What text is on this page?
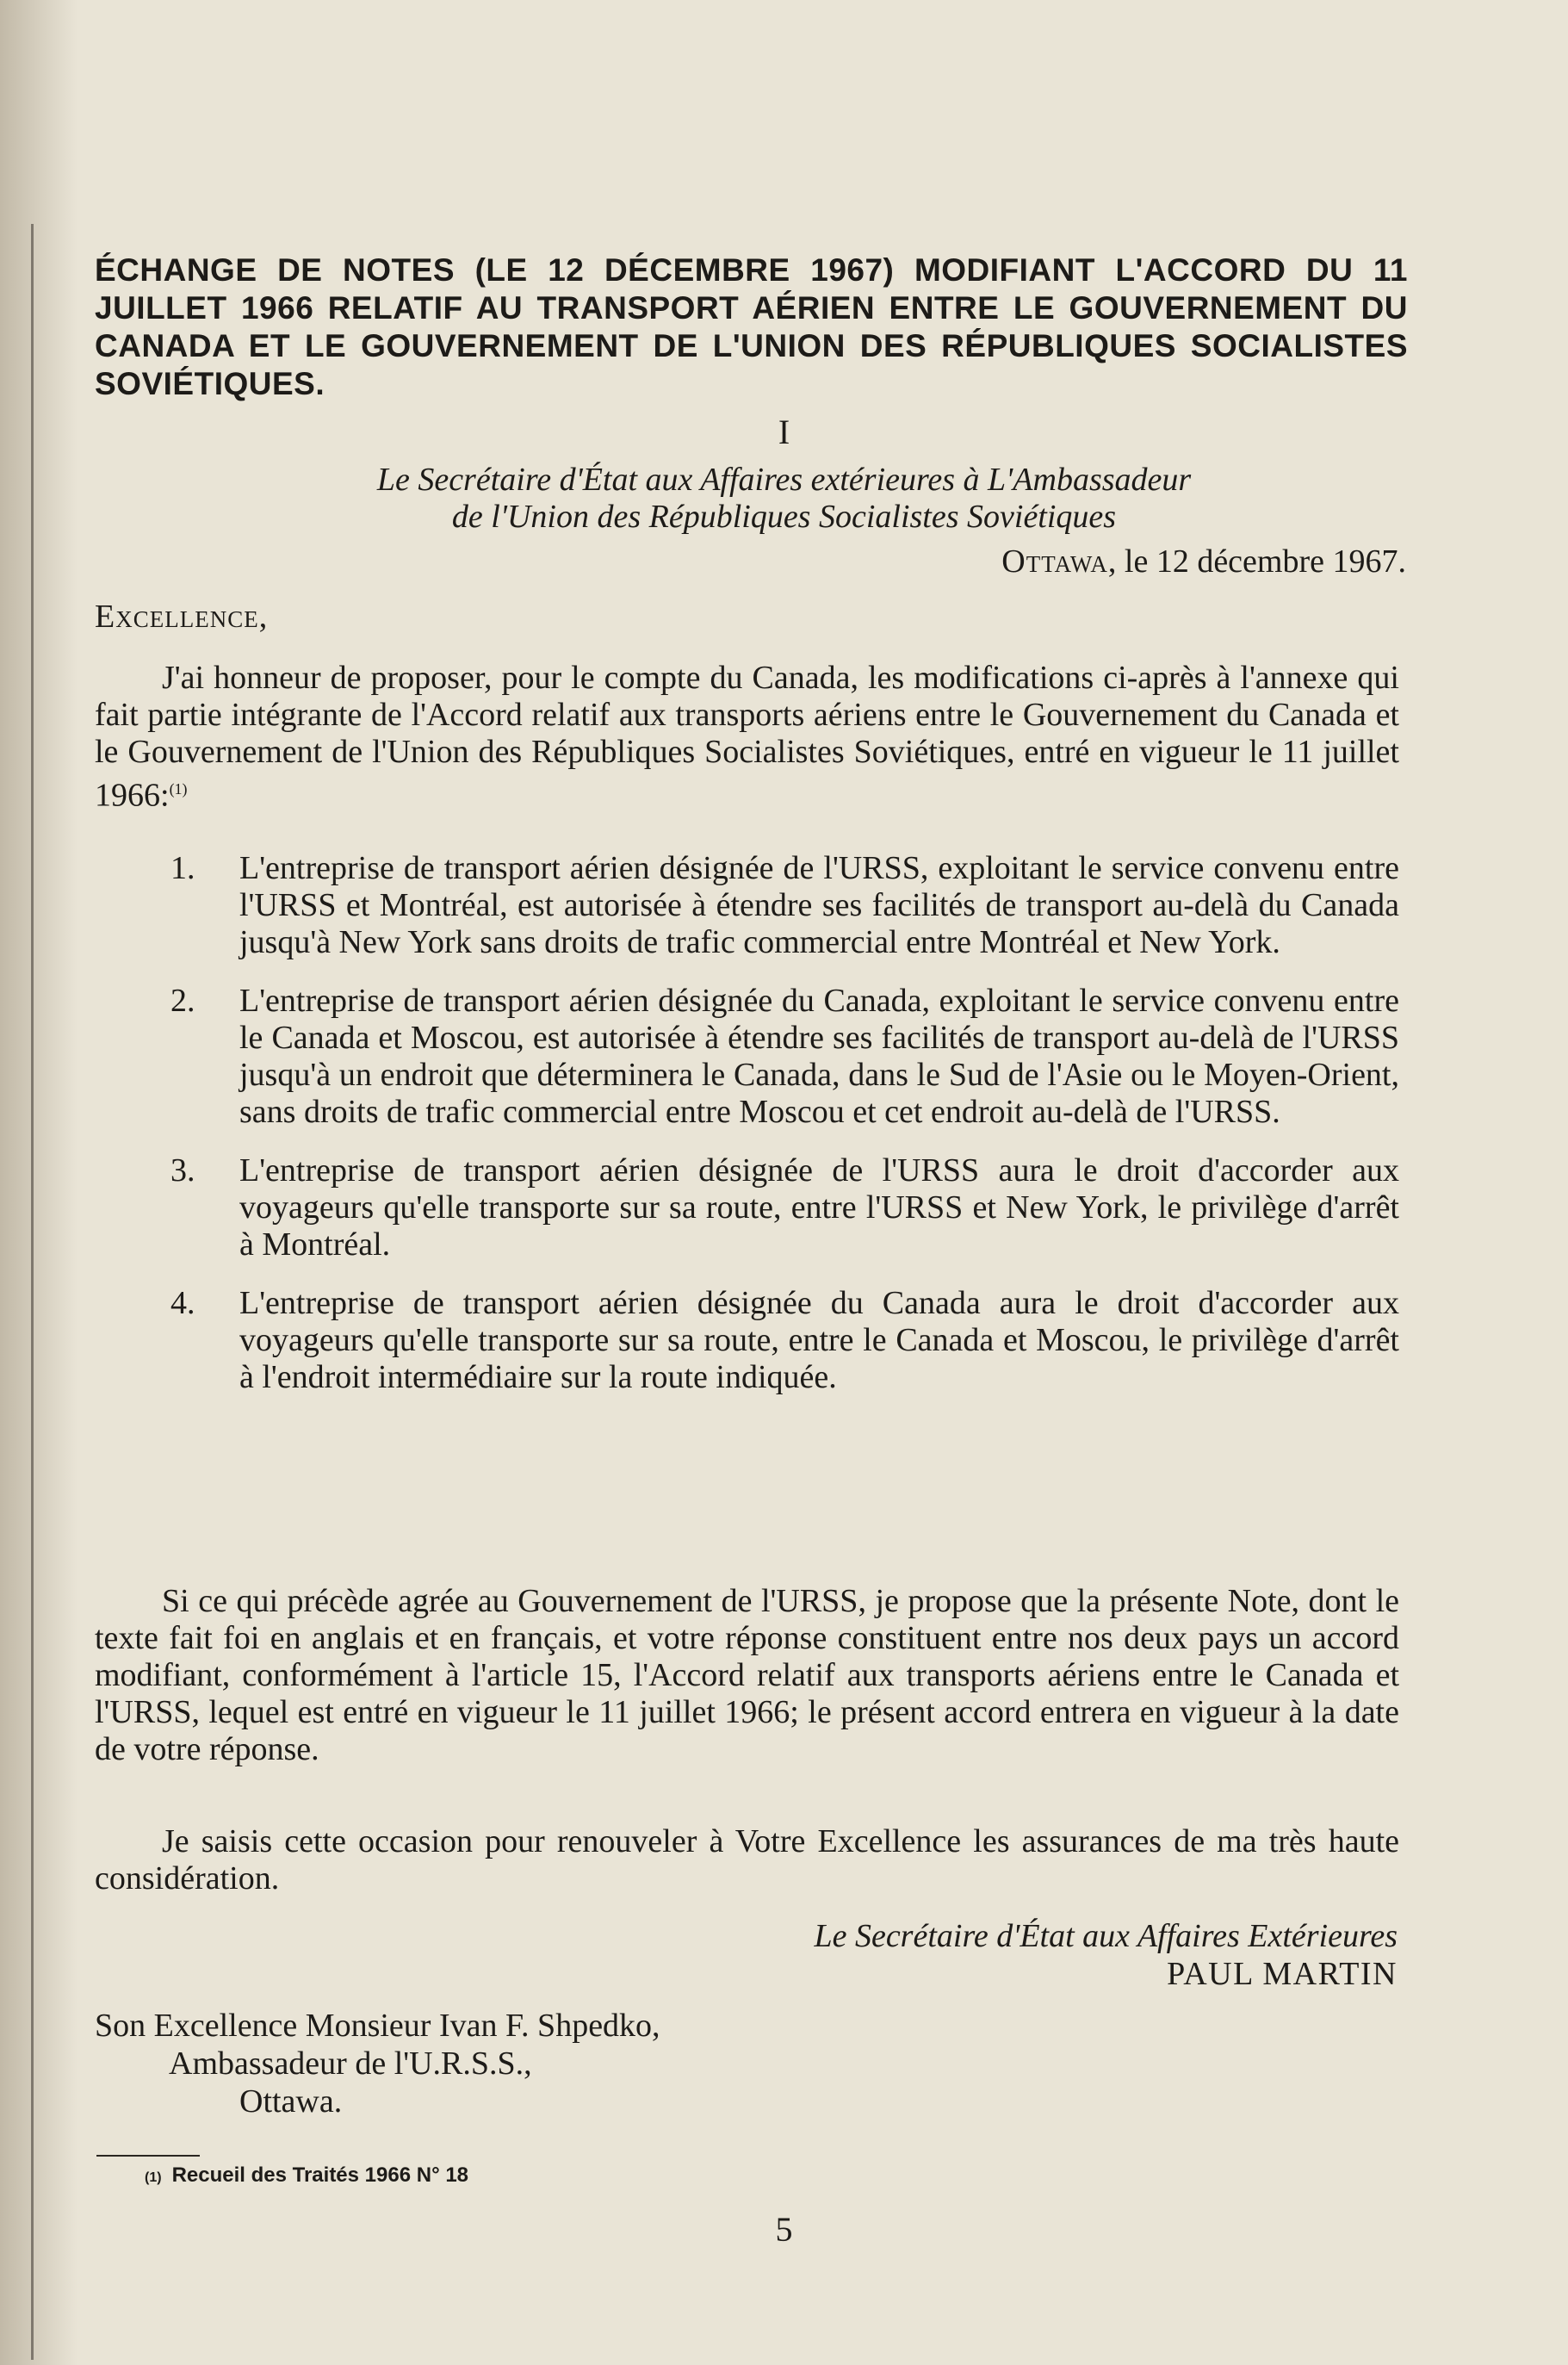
ÉCHANGE DE NOTES (LE 12 DÉCEMBRE 1967) MODIFIANT L'ACCORD DU 11 JUILLET 1966 RELATIF AU TRANSPORT AÉRIEN ENTRE LE GOUVERNEMENT DU CANADA ET LE GOUVERNEMENT DE L'UNION DES RÉPUBLIQUES SOCIALISTES SOVIÉTIQUES.

I

Le Secrétaire d'État aux Affaires extérieures à L'Ambassadeur

de l'Union des Républiques Socialistes Soviétiques

Ottawa, le 12 décembre 1967.

Excellence,

J'ai honneur de proposer, pour le compte du Canada, les modifications ci-après à l'annexe qui fait partie intégrante de l'Accord relatif aux transports aériens entre le Gouvernement du Canada et le Gouvernement de l'Union des Républiques Socialistes Soviétiques, entré en vigueur le 11 juillet 1966:$^{(1)}$

1. L'entreprise de transport aérien désignée de l'URSS, exploitant le service convenu entre l'URSS et Montréal, est autorisée à étendre ses facilités de transport au-delà du Canada jusqu'à New York sans droits de trafic commercial entre Montréal et New York.
2. L'entreprise de transport aérien désignée du Canada, exploitant le service convenu entre le Canada et Moscou, est autorisée à étendre ses facilités de transport au-delà de l'URSS jusqu'à un endroit que déterminera le Canada, dans le Sud de l'Asie ou le Moyen-Orient, sans droits de trafic commercial entre Moscou et cet endroit au-delà de l'URSS.
3. L'entreprise de transport aérien désignée de l'URSS aura le droit d'accorder aux voyageurs qu'elle transporte sur sa route, entre l'URSS et New York, le privilège d'arrêt à Montréal.
4. L'entreprise de transport aérien désignée du Canada aura le droit d'accorder aux voyageurs qu'elle transporte sur sa route, entre le Canada et Moscou, le privilège d'arrêt à l'endroit intermédiaire sur la route indiquée.

Si ce qui précède agrée au Gouvernement de l'URSS, je propose que la présente Note, dont le texte fait foi en anglais et en français, et votre réponse constituent entre nos deux pays un accord modifiant, conformément à l'article 15, l'Accord relatif aux transports aériens entre le Canada et l'URSS, lequel est entré en vigueur le 11 juillet 1966; le présent accord entrera en vigueur à la date de votre réponse.

Je saisis cette occasion pour renouveler à Votre Excellence les assurances de ma très haute considération.

Le Secrétaire d'État aux Affaires Extérieures

PAUL MARTIN

Son Excellence Monsieur Ivan F. Shpedko,

Ambassadeur de l'U.R.S.S.,

Ottawa.

(1) Recueil des Traités 1966 N° 18

5
